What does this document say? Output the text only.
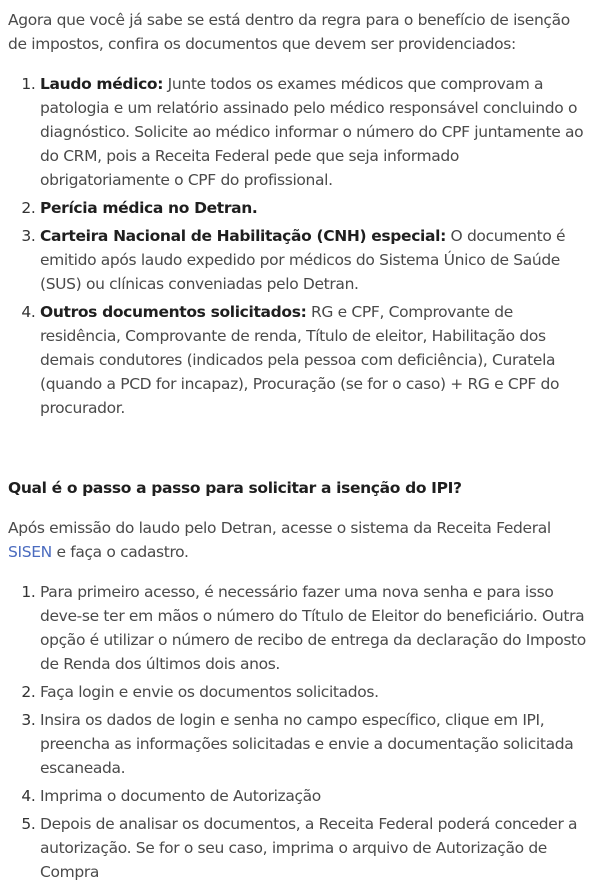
Agora que você já sabe se está dentro da regra para o benefício de isenção de impostos, confira os documentos que devem ser providenciados:

1. Laudo médico: Junte todos os exames médicos que comprovam a patologia e um relatório assinado pelo médico responsável concluindo o diagnóstico. Solicite ao médico informar o número do CPF juntamente ao do CRM, pois a Receita Federal pede que seja informado obrigatoriamente o CPF do profissional.
2. Perícia médica no Detran.
3. Carteira Nacional de Habilitação (CNH) especial: O documento é emitido após laudo expedido por médicos do Sistema Único de Saúde (SUS) ou clínicas conveniadas pelo Detran.
4. Outros documentos solicitados: RG e CPF, Comprovante de residência, Comprovante de renda, Título de eleitor, Habilitação dos demais condutores (indicados pela pessoa com deficiência), Curatela (quando a PCD for incapaz), Procuração (se for o caso) + RG e CPF do procurador.
Qual é o passo a passo para solicitar a isenção do IPI?

Após emissão do laudo pelo Detran, acesse o sistema da Receita Federal SISEN e faça o cadastro.

1. Para primeiro acesso, é necessário fazer uma nova senha e para isso deve-se ter em mãos o número do Título de Eleitor do beneficiário. Outra opção é utilizar o número de recibo de entrega da declaração do Imposto de Renda dos últimos dois anos.
2. Faça login e envie os documentos solicitados.
3. Insira os dados de login e senha no campo específico, clique em IPI, preencha as informações solicitadas e envie a documentação solicitada escaneada.
4. Imprima o documento de Autorização
5. Depois de analisar os documentos, a Receita Federal poderá conceder a autorização. Se for o seu caso, imprima o arquivo de Autorização de Compra
